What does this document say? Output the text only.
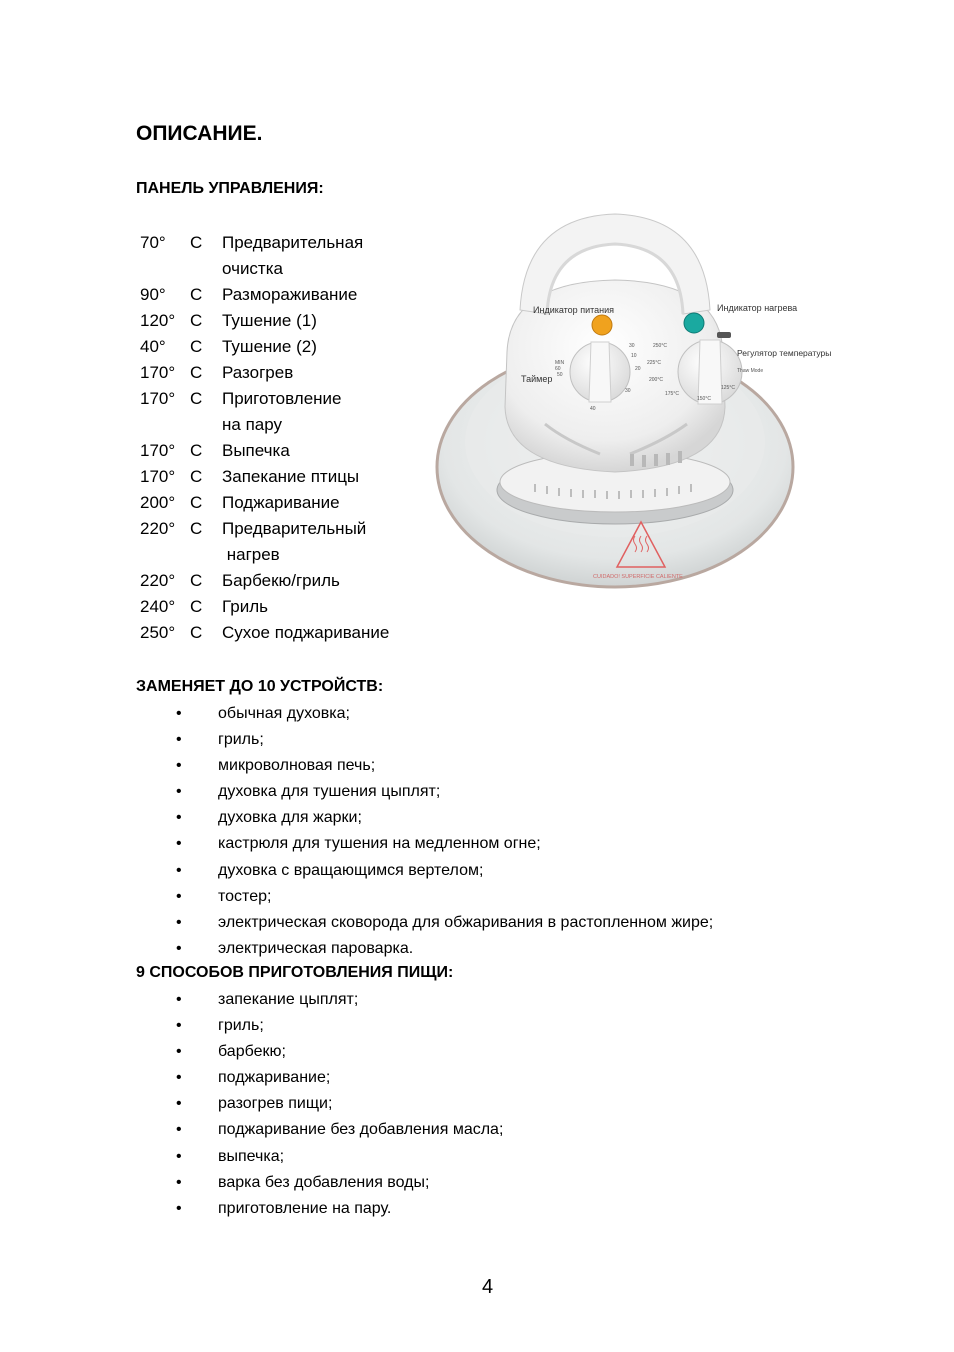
ОПИСАНИЕ.
ПАНЕЛЬ УПРАВЛЕНИЯ:
70° C Предварительная
очистка
90° C Размораживание
120° C Тушение (1)
40° C Тушение (2)
170° C Разогрев
170° C Приготовление
на пару
170° C Выпечка
170° C Запекание птицы
200° C Поджаривание
220° C Предварительный
нагрев
220° C Барбекю/гриль
240° C Гриль
250° C Сухое поджаривание
Индикатор питания	Индикатор нагрева
Регулятор температуры
Таймер
MIN
60
50
40
30
20
10
30	250°C
225°C
200°C
175°C
150°C
125°C
Thaw Mode
CUIDADO! SUPERFICIE CALIENTE
ЗАМЕНЯЕТ ДО 10 УСТРОЙСТВ:
• обычная духовка;
• гриль;
• микроволновая печь;
• духовка для тушения цыплят;
• духовка для жарки;
• кастрюля для тушения на медленном огне;
• духовка с вращающимся вертелом;
• тостер;
• электрическая сковорода для обжаривания в растопленном жире;
• электрическая пароварка.
9 СПОСОБОВ ПРИГОТОВЛЕНИЯ ПИЩИ:
• запекание цыплят;
• гриль;
• барбекю;
• поджаривание;
• разогрев пищи;
• поджаривание без добавления масла;
• выпечка;
• варка без добавления воды;
• приготовление на пару.
4
